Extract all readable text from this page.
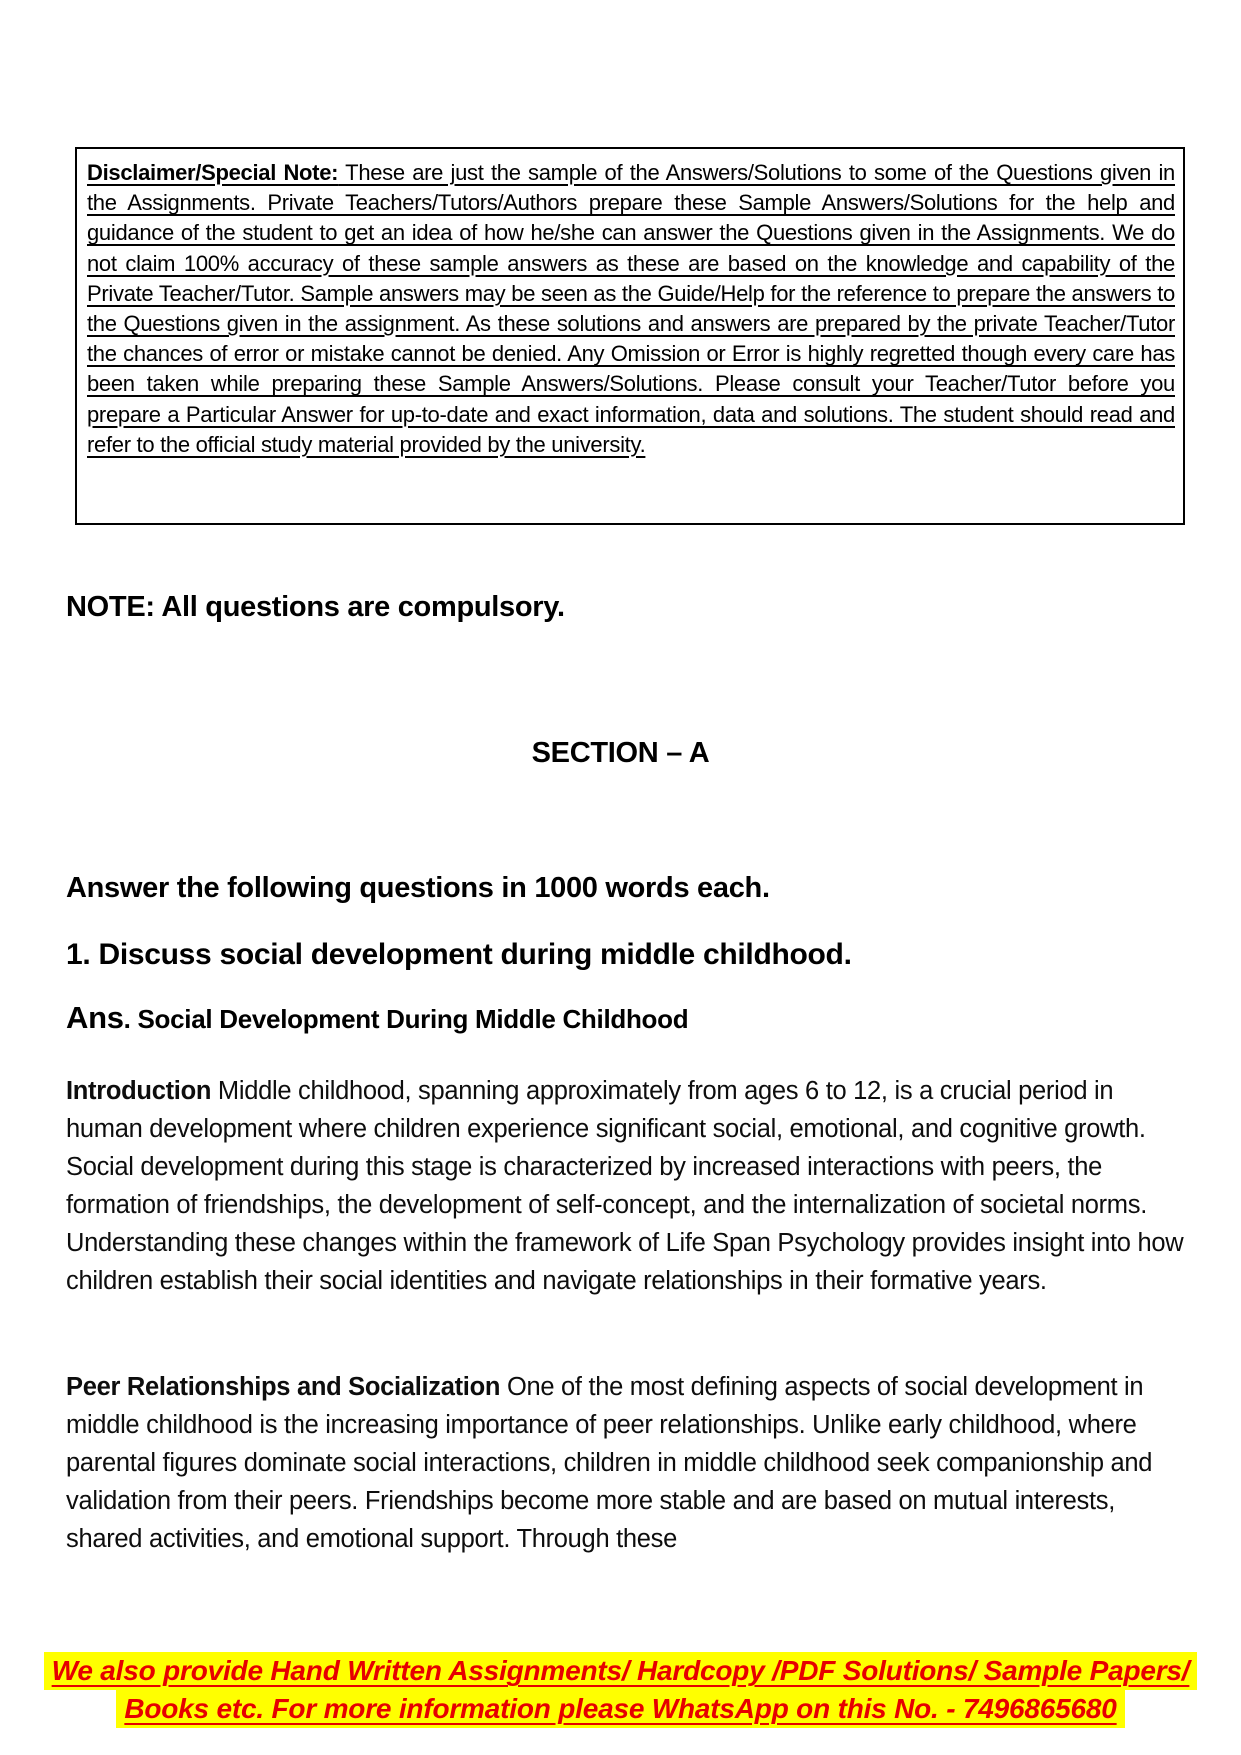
Disclaimer/Special Note: These are just the sample of the Answers/Solutions to some of the Questions given in the Assignments. Private Teachers/Tutors/Authors prepare these Sample Answers/Solutions for the help and guidance of the student to get an idea of how he/she can answer the Questions given in the Assignments. We do not claim 100% accuracy of these sample answers as these are based on the knowledge and capability of the Private Teacher/Tutor. Sample answers may be seen as the Guide/Help for the reference to prepare the answers to the Questions given in the assignment. As these solutions and answers are prepared by the private Teacher/Tutor the chances of error or mistake cannot be denied. Any Omission or Error is highly regretted though every care has been taken while preparing these Sample Answers/Solutions. Please consult your Teacher/Tutor before you prepare a Particular Answer for up-to-date and exact information, data and solutions. The student should read and refer to the official study material provided by the university.
NOTE: All questions are compulsory.
SECTION – A
Answer the following questions in 1000 words each.
1. Discuss social development during middle childhood.
Ans. Social Development During Middle Childhood
Introduction Middle childhood, spanning approximately from ages 6 to 12, is a crucial period in human development where children experience significant social, emotional, and cognitive growth. Social development during this stage is characterized by increased interactions with peers, the formation of friendships, the development of self-concept, and the internalization of societal norms. Understanding these changes within the framework of Life Span Psychology provides insight into how children establish their social identities and navigate relationships in their formative years.
Peer Relationships and Socialization One of the most defining aspects of social development in middle childhood is the increasing importance of peer relationships. Unlike early childhood, where parental figures dominate social interactions, children in middle childhood seek companionship and validation from their peers. Friendships become more stable and are based on mutual interests, shared activities, and emotional support. Through these
We also provide Hand Written Assignments/ Hardcopy /PDF Solutions/ Sample Papers/
Books etc. For more information please WhatsApp on this No. - 7496865680
